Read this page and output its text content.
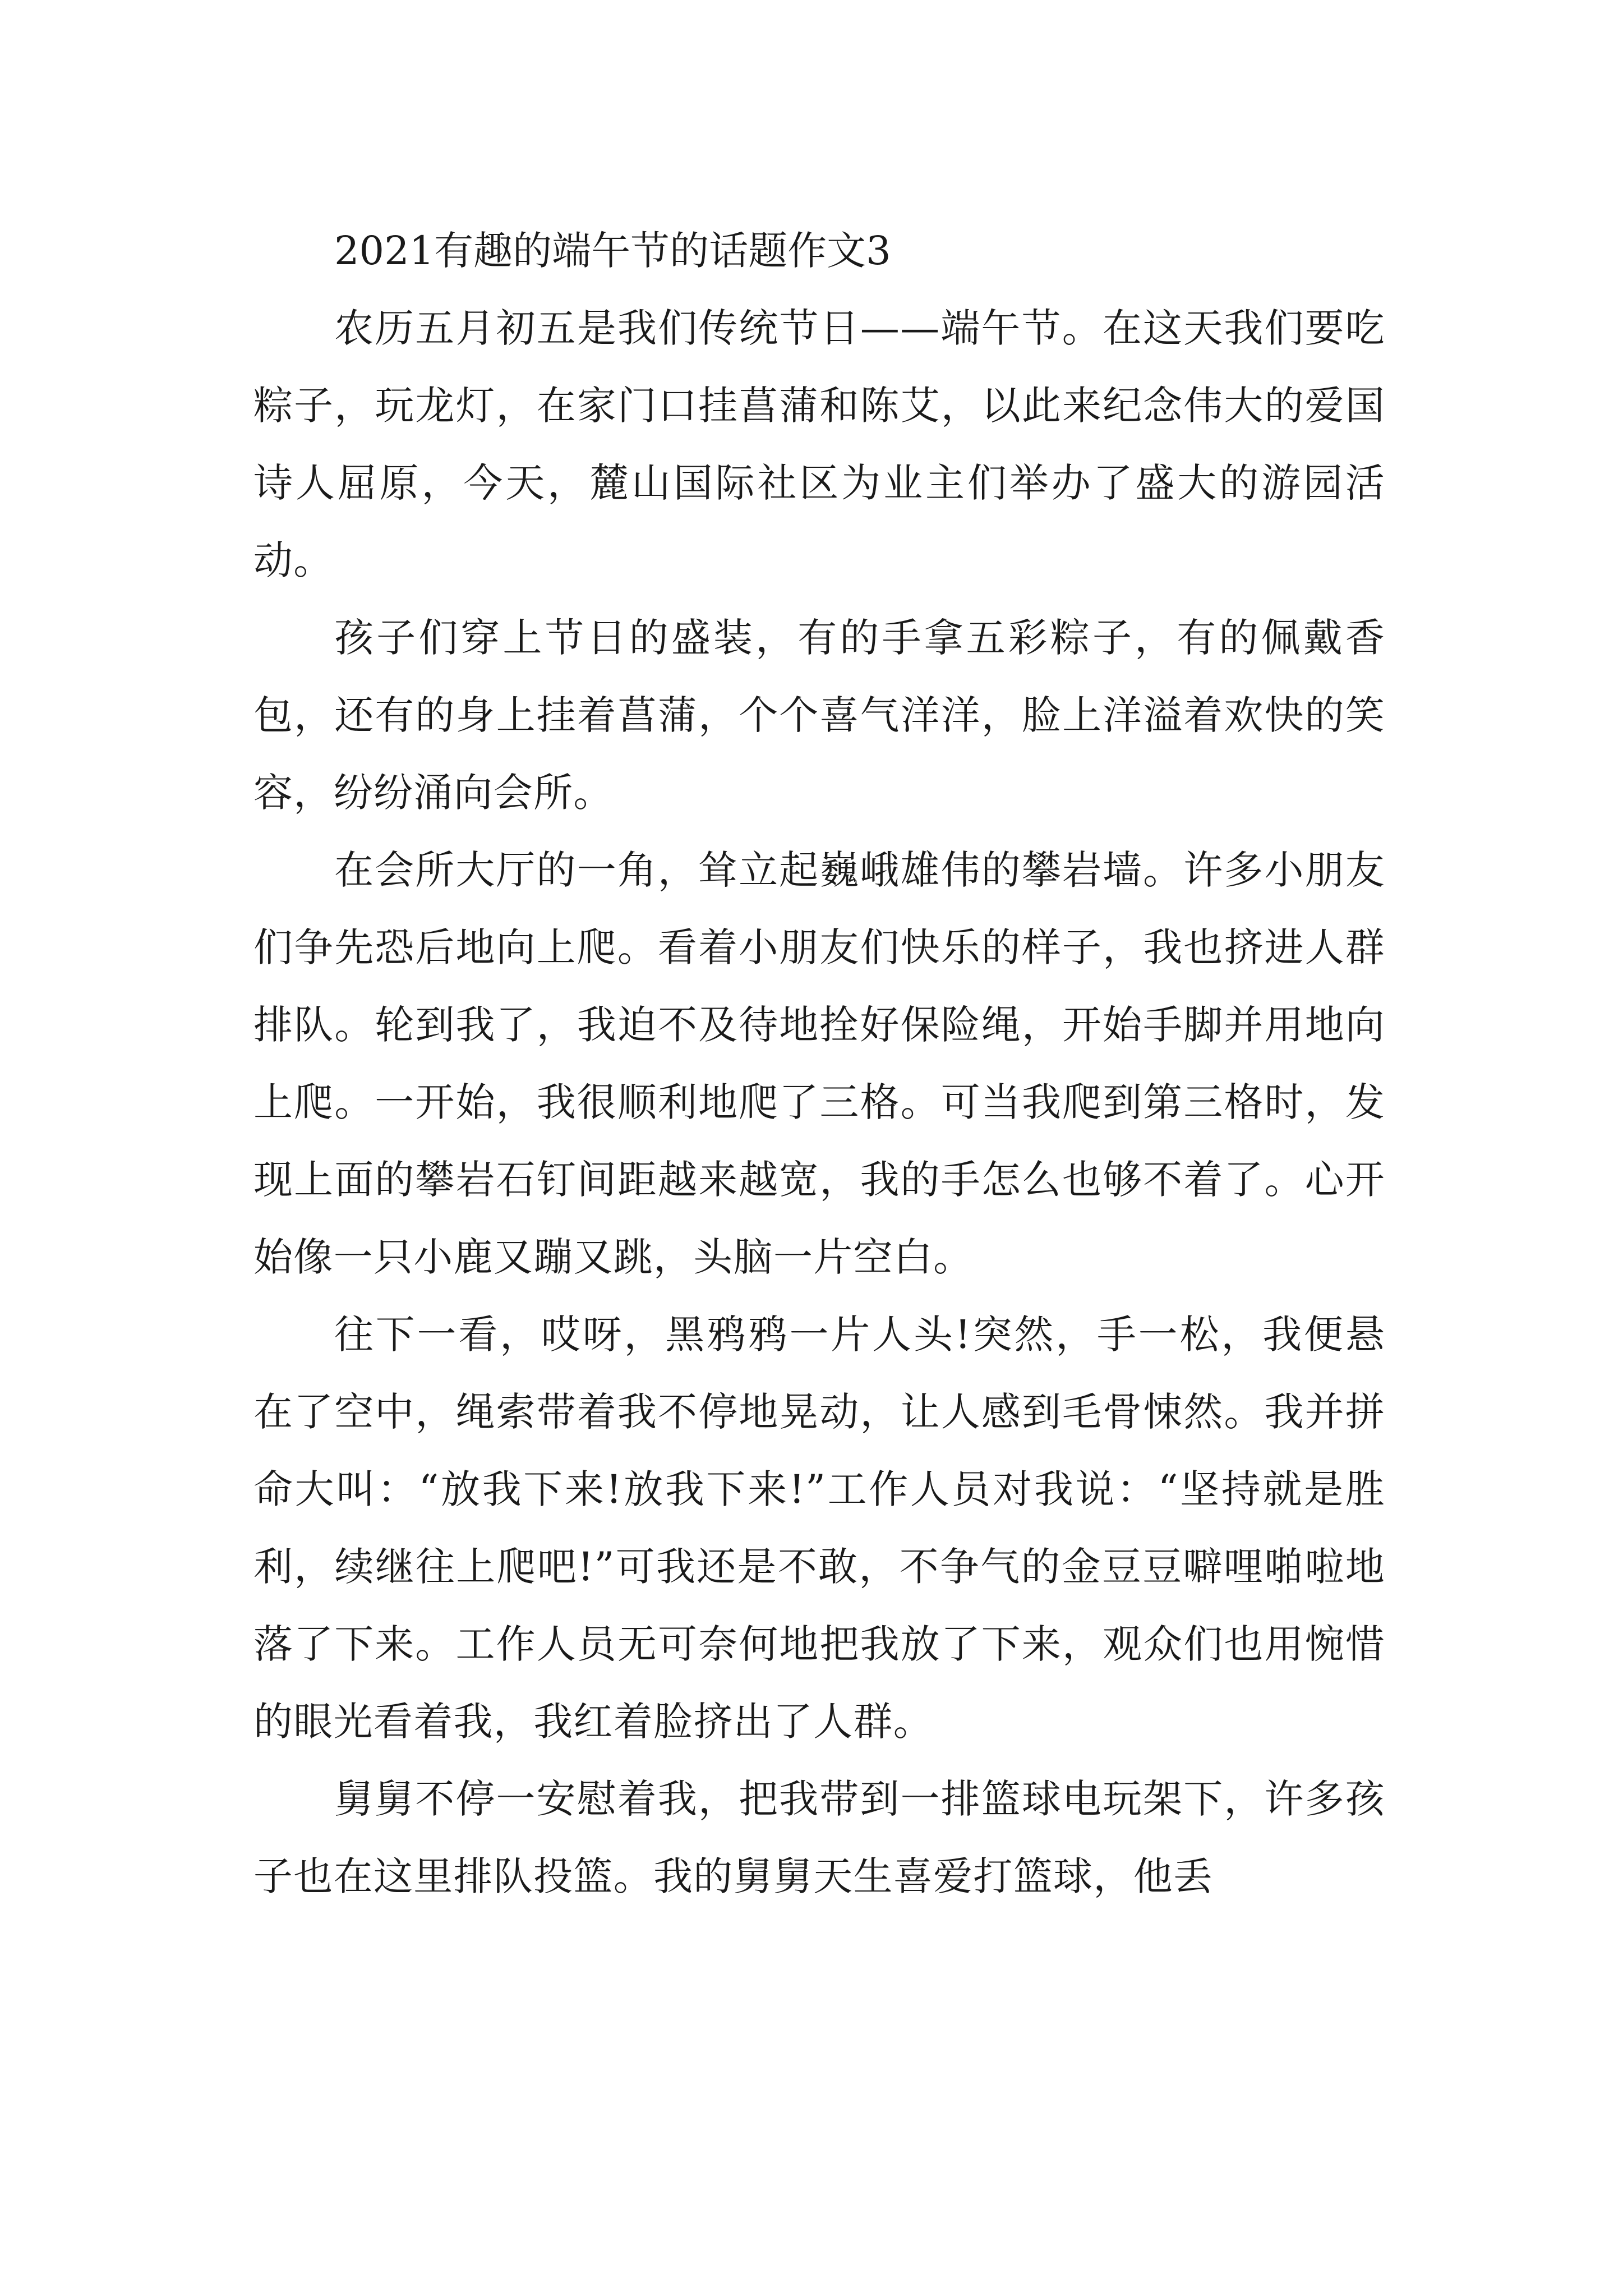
2021有趣的端午节的话题作文3

农历五月初五是我们传统节日——端午节。在这天我们要吃粽子，玩龙灯，在家门口挂菖蒲和陈艾，以此来纪念伟大的爱国诗人屈原，今天，麓山国际社区为业主们举办了盛大的游园活动。

孩子们穿上节日的盛装，有的手拿五彩粽子，有的佩戴香包，还有的身上挂着菖蒲，个个喜气洋洋，脸上洋溢着欢快的笑容，纷纷涌向会所。

在会所大厅的一角，耸立起巍峨雄伟的攀岩墙。许多小朋友们争先恐后地向上爬。看着小朋友们快乐的样子，我也挤进人群排队。轮到我了，我迫不及待地拴好保险绳，开始手脚并用地向上爬。一开始，我很顺利地爬了三格。可当我爬到第三格时，发现上面的攀岩石钉间距越来越宽，我的手怎么也够不着了。心开始像一只小鹿又蹦又跳，头脑一片空白。

往下一看，哎呀，黑鸦鸦一片人头!突然，手一松，我便悬在了空中，绳索带着我不停地晃动，让人感到毛骨悚然。我并拼命大叫：“放我下来!放我下来!”工作人员对我说：“坚持就是胜利，续继往上爬吧!”可我还是不敢，不争气的金豆豆噼哩啪啦地落了下来。工作人员无可奈何地把我放了下来，观众们也用惋惜的眼光看着我，我红着脸挤出了人群。

舅舅不停一安慰着我，把我带到一排篮球电玩架下，许多孩子也在这里排队投篮。我的舅舅天生喜爱打篮球，他丢
